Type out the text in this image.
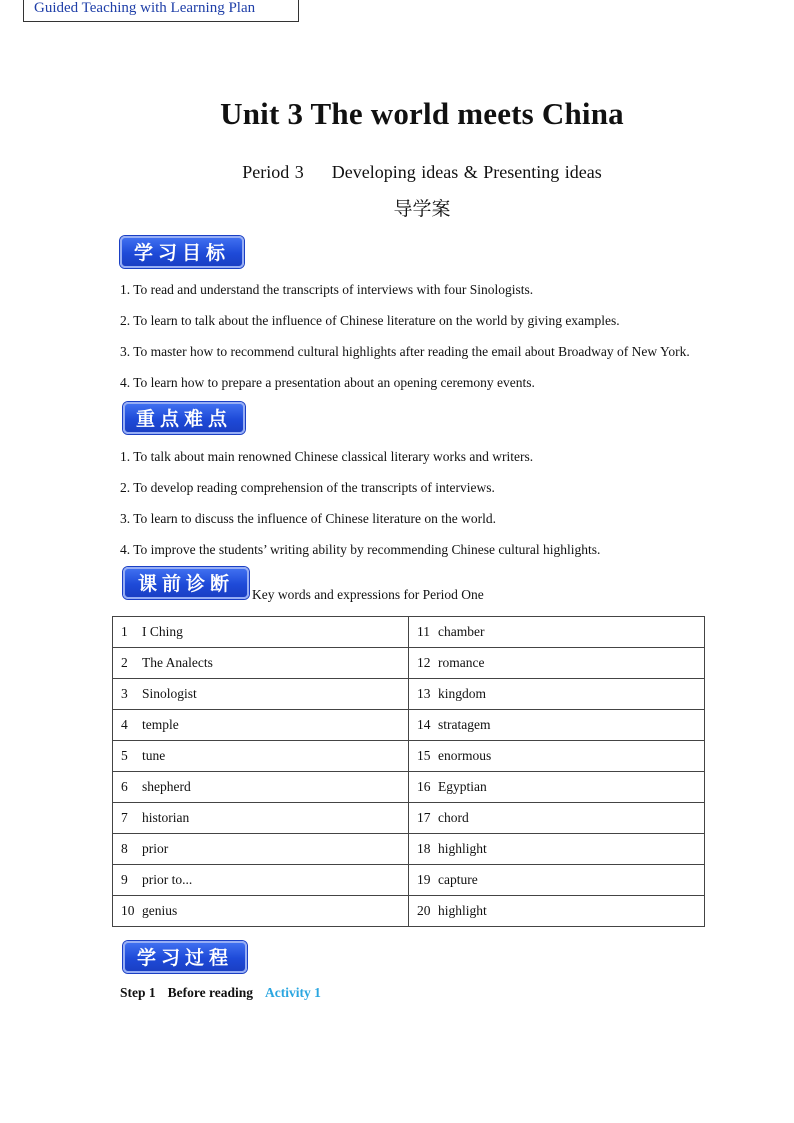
Guided Teaching with Learning Plan
Unit 3 The world meets China
Period 3 Developing ideas & Presenting ideas
导学案
学习目标
1. To read and understand the transcripts of interviews with four Sinologists.
2. To learn to talk about the influence of Chinese literature on the world by giving examples.
3. To master how to recommend cultural highlights after reading the email about Broadway of New York.
4. To learn how to prepare a presentation about an opening ceremony events.
重点难点
1. To talk about main renowned Chinese classical literary works and writers.
2. To develop reading comprehension of the transcripts of interviews.
3. To learn to discuss the influence of Chinese literature on the world.
4. To improve the students’ writing ability by recommending Chinese cultural highlights.
课前诊断	Key words and expressions for Period One
1 I Ching	11 chamber
2 The Analects	12 romance
3 Sinologist	13 kingdom
4 temple	14 stratagem
5 tune	15 enormous
6 shepherd	16 Egyptian
7 historian	17 chord
8 prior	18 highlight
9 prior to...	19 capture
10 genius	20 highlight
学习过程
Step 1 Before reading Activity 1
